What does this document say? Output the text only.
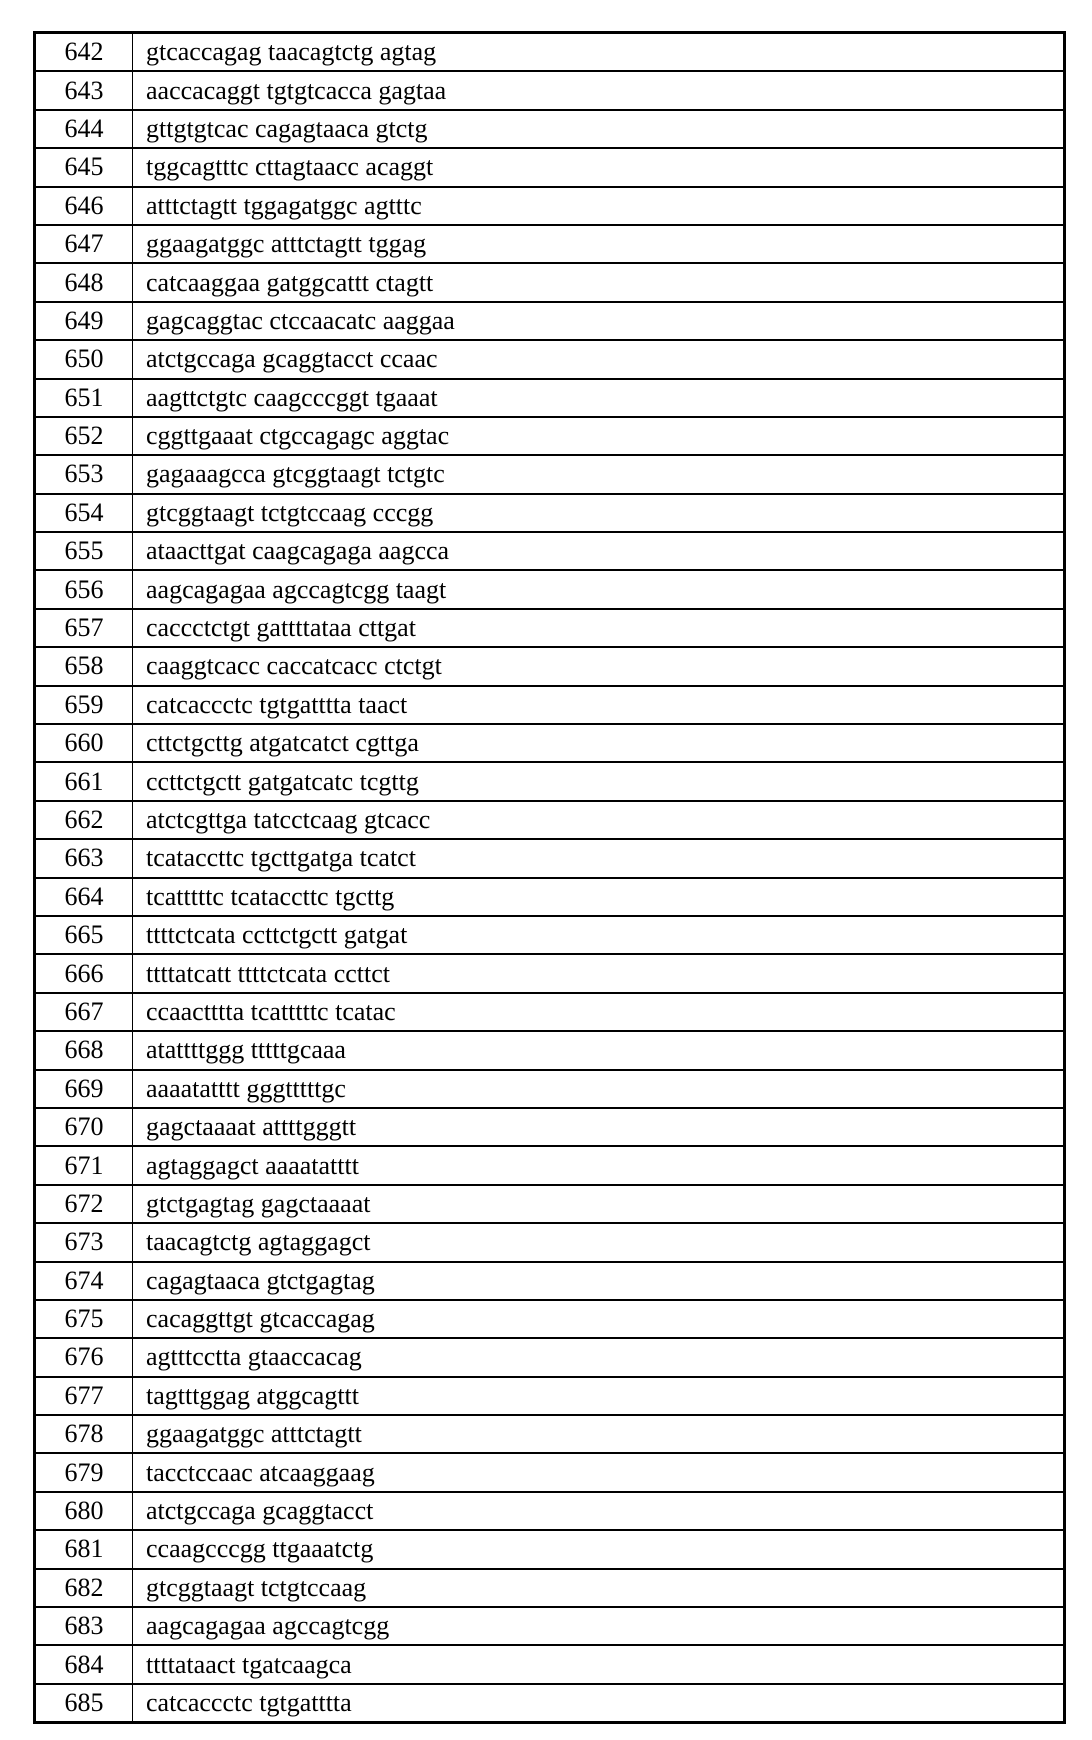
642	gtcaccagag taacagtctg agtag
643	aaccacaggt tgtgtcacca gagtaa
644	gttgtgtcac cagagtaaca gtctg
645	tggcagtttc cttagtaacc acaggt
646	atttctagtt tggagatggc agtttc
647	ggaagatggc atttctagtt tggag
648	catcaaggaa gatggcattt ctagtt
649	gagcaggtac ctccaacatc aaggaa
650	atctgccaga gcaggtacct ccaac
651	aagttctgtc caagcccggt tgaaat
652	cggttgaaat ctgccagagc aggtac
653	gagaaagcca gtcggtaagt tctgtc
654	gtcggtaagt tctgtccaag cccgg
655	ataacttgat caagcagaga aagcca
656	aagcagagaa agccagtcgg taagt
657	caccctctgt gattttataa cttgat
658	caaggtcacc caccatcacc ctctgt
659	catcaccctc tgtgatttta taact
660	cttctgcttg atgatcatct cgttga
661	ccttctgctt gatgatcatc tcgttg
662	atctcgttga tatcctcaag gtcacc
663	tcataccttc tgcttgatga tcatct
664	tcatttttc tcataccttc tgcttg
665	ttttctcata ccttctgctt gatgat
666	ttttatcatt ttttctcata ccttct
667	ccaactttta tcatttttc tcatac
668	atattttggg tttttgcaaa
669	aaaatatttt gggtttttgc
670	gagctaaaat attttgggtt
671	agtaggagct aaaatatttt
672	gtctgagtag gagctaaaat
673	taacagtctg agtaggagct
674	cagagtaaca gtctgagtag
675	cacaggttgt gtcaccagag
676	agtttcctta gtaaccacag
677	tagtttggag atggcagttt
678	ggaagatggc atttctagtt
679	tacctccaac atcaaggaag
680	atctgccaga gcaggtacct
681	ccaagcccgg ttgaaatctg
682	gtcggtaagt tctgtccaag
683	aagcagagaa agccagtcgg
684	ttttataact tgatcaagca
685	catcaccctc tgtgatttta
